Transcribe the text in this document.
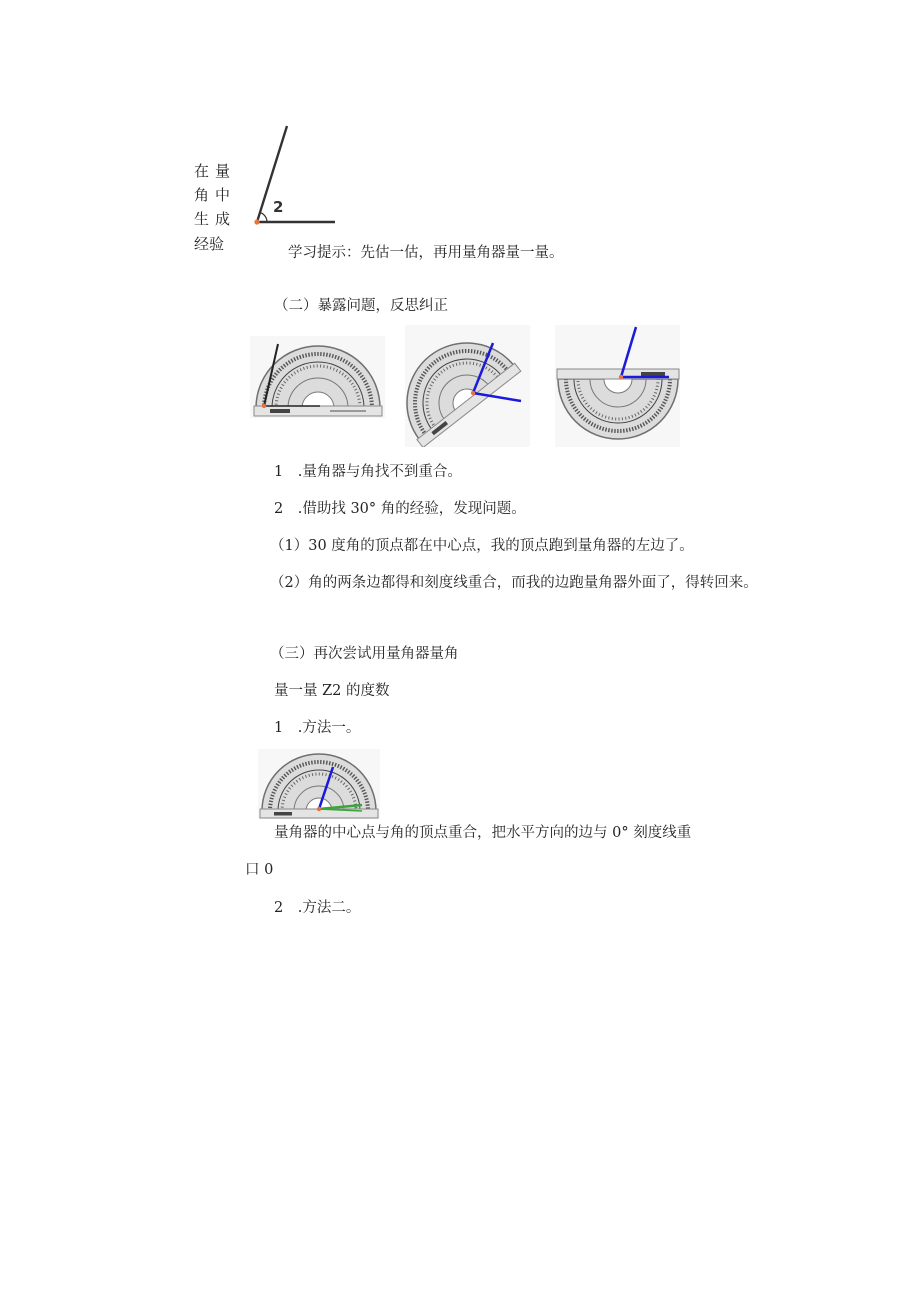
在量
角中
生成
经验
2
学习提示：先估一估，再用量角器量一量。
（二）暴露问题，反思纠正
1　.量角器与角找不到重合。
2　.借助找 30° 角的经验，发现问题。
（1）30 度角的顶点都在中心点，我的顶点跑到量角器的左边了。
（2）角的两条边都得和刻度线重合，而我的边跑量角器外面了，得转回来。
（三）再次尝试用量角器量角
量一量 Z2 的度数
1　.方法一。
量角器的中心点与角的顶点重合，把水平方向的边与 0° 刻度线重
口 0
2　.方法二。
